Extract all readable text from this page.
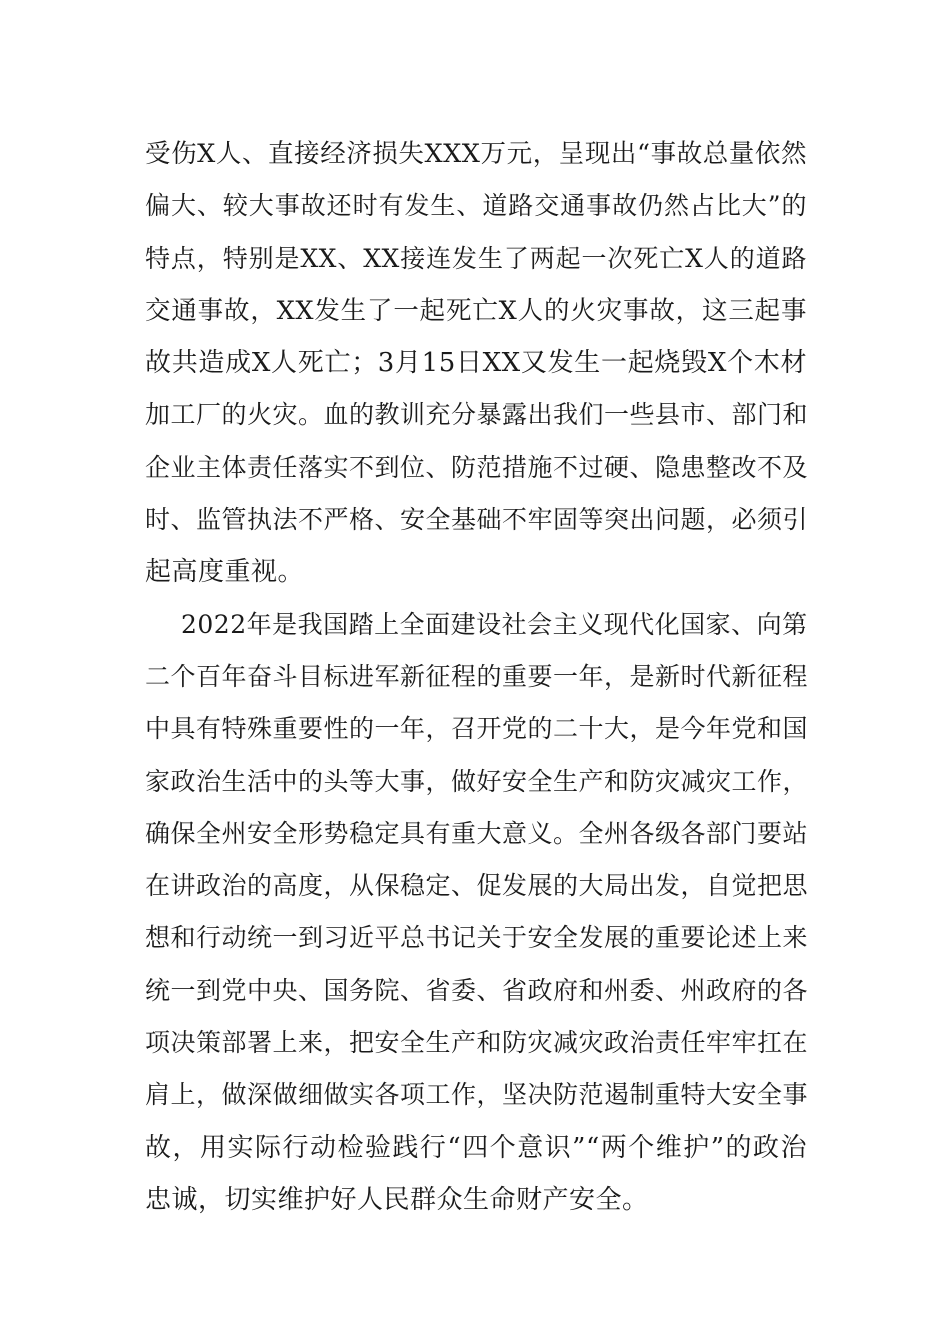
受伤X人、直接经济损失XXX万元，呈现出“事故总量依然
偏大、较大事故还时有发生、道路交通事故仍然占比大”的
特点，特别是XX、XX接连发生了两起一次死亡X人的道路
交通事故，XX发生了一起死亡X人的火灾事故，这三起事
故共造成X人死亡；3月15日XX又发生一起烧毁X个木材
加工厂的火灾。血的教训充分暴露出我们一些县市、部门和
企业主体责任落实不到位、防范措施不过硬、隐患整改不及
时、监管执法不严格、安全基础不牢固等突出问题，必须引
起高度重视。
2022年是我国踏上全面建设社会主义现代化国家、向第
二个百年奋斗目标进军新征程的重要一年，是新时代新征程
中具有特殊重要性的一年，召开党的二十大，是今年党和国
家政治生活中的头等大事，做好安全生产和防灾减灾工作，
确保全州安全形势稳定具有重大意义。全州各级各部门要站
在讲政治的高度，从保稳定、促发展的大局出发，自觉把思
想和行动统一到习近平总书记关于安全发展的重要论述上来
统一到党中央、国务院、省委、省政府和州委、州政府的各
项决策部署上来，把安全生产和防灾减灾政治责任牢牢扛在
肩上，做深做细做实各项工作，坚决防范遏制重特大安全事
故，用实际行动检验践行“四个意识”“两个维护”的政治
忠诚，切实维护好人民群众生命财产安全。
